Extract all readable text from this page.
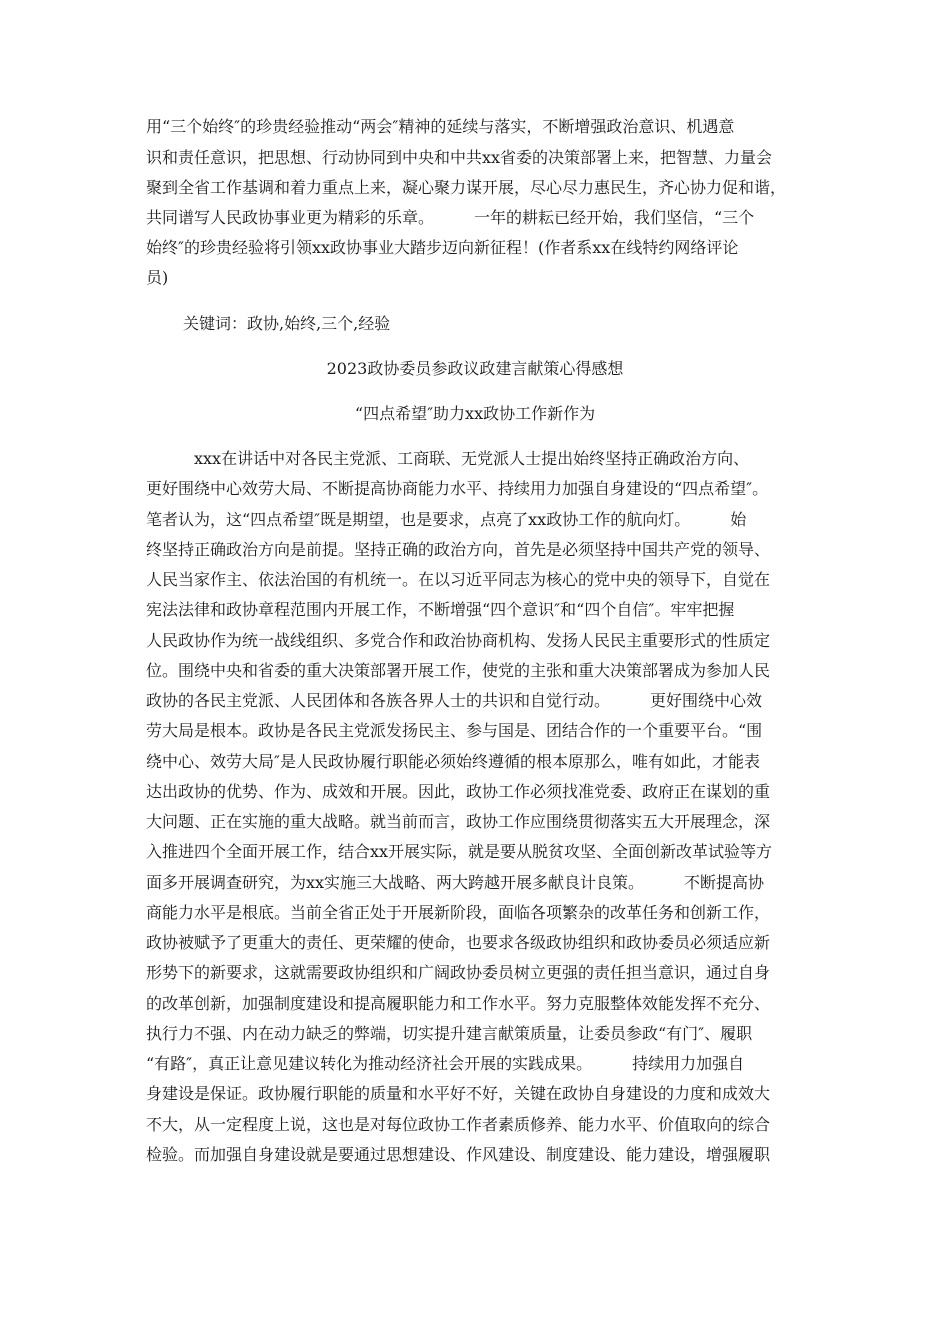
用“三个始终″的珍贵经验推动“两会″精神的延续与落实，不断增强政治意识、机遇意
识和责任意识，把思想、行动协同到中央和中共xx省委的决策部署上来，把智慧、力量会
聚到全省工作基调和着力重点上来，凝心聚力谋开展，尽心尽力惠民生，齐心协力促和谐，
共同谱写人民政协事业更为精彩的乐章。　　　一年的耕耘已经开始，我们坚信，“三个
始终″的珍贵经验将引领xx政协事业大踏步迈向新征程！(作者系xx在线特约网络评论
员)
关键词：政协,始终,三个,经验
2023政协委员参政议政建言献策心得感想
“四点希望″助力xx政协工作新作为
　　　xxx在讲话中对各民主党派、工商联、无党派人士提出始终坚持正确政治方向、
更好围绕中心效劳大局、不断提高协商能力水平、持续用力加强自身建设的“四点希望″。
笔者认为，这“四点希望″既是期望，也是要求，点亮了xx政协工作的航向灯。　　　始
终坚持正确政治方向是前提。坚持正确的政治方向，首先是必须坚持中国共产党的领导、
人民当家作主、依法治国的有机统一。在以习近平同志为核心的党中央的领导下，自觉在
宪法法律和政协章程范围内开展工作，不断增强“四个意识″和“四个自信″。牢牢把握
人民政协作为统一战线组织、多党合作和政治协商机构、发扬人民民主重要形式的性质定
位。围绕中央和省委的重大决策部署开展工作，使党的主张和重大决策部署成为参加人民
政协的各民主党派、人民团体和各族各界人士的共识和自觉行动。　　　更好围绕中心效
劳大局是根本。政协是各民主党派发扬民主、参与国是、团结合作的一个重要平台。“围
绕中心、效劳大局″是人民政协履行职能必须始终遵循的根本原那么，唯有如此，才能表
达出政协的优势、作为、成效和开展。因此，政协工作必须找准党委、政府正在谋划的重
大问题、正在实施的重大战略。就当前而言，政协工作应围绕贯彻落实五大开展理念，深
入推进四个全面开展工作，结合xx开展实际，就是要从脱贫攻坚、全面创新改革试验等方
面多开展调查研究，为xx实施三大战略、两大跨越开展多献良计良策。　　　不断提高协
商能力水平是根底。当前全省正处于开展新阶段，面临各项繁杂的改革任务和创新工作，
政协被赋予了更重大的责任、更荣耀的使命，也要求各级政协组织和政协委员必须适应新
形势下的新要求，这就需要政协组织和广阔政协委员树立更强的责任担当意识，通过自身
的改革创新，加强制度建设和提高履职能力和工作水平。努力克服整体效能发挥不充分、
执行力不强、内在动力缺乏的弊端，切实提升建言献策质量，让委员参政“有门″、履职
“有路″，真正让意见建议转化为推动经济社会开展的实践成果。　　　持续用力加强自
身建设是保证。政协履行职能的质量和水平好不好，关键在政协自身建设的力度和成效大
不大，从一定程度上说，这也是对每位政协工作者素质修养、能力水平、价值取向的综合
检验。而加强自身建设就是要通过思想建设、作风建设、制度建设、能力建设，增强履职
